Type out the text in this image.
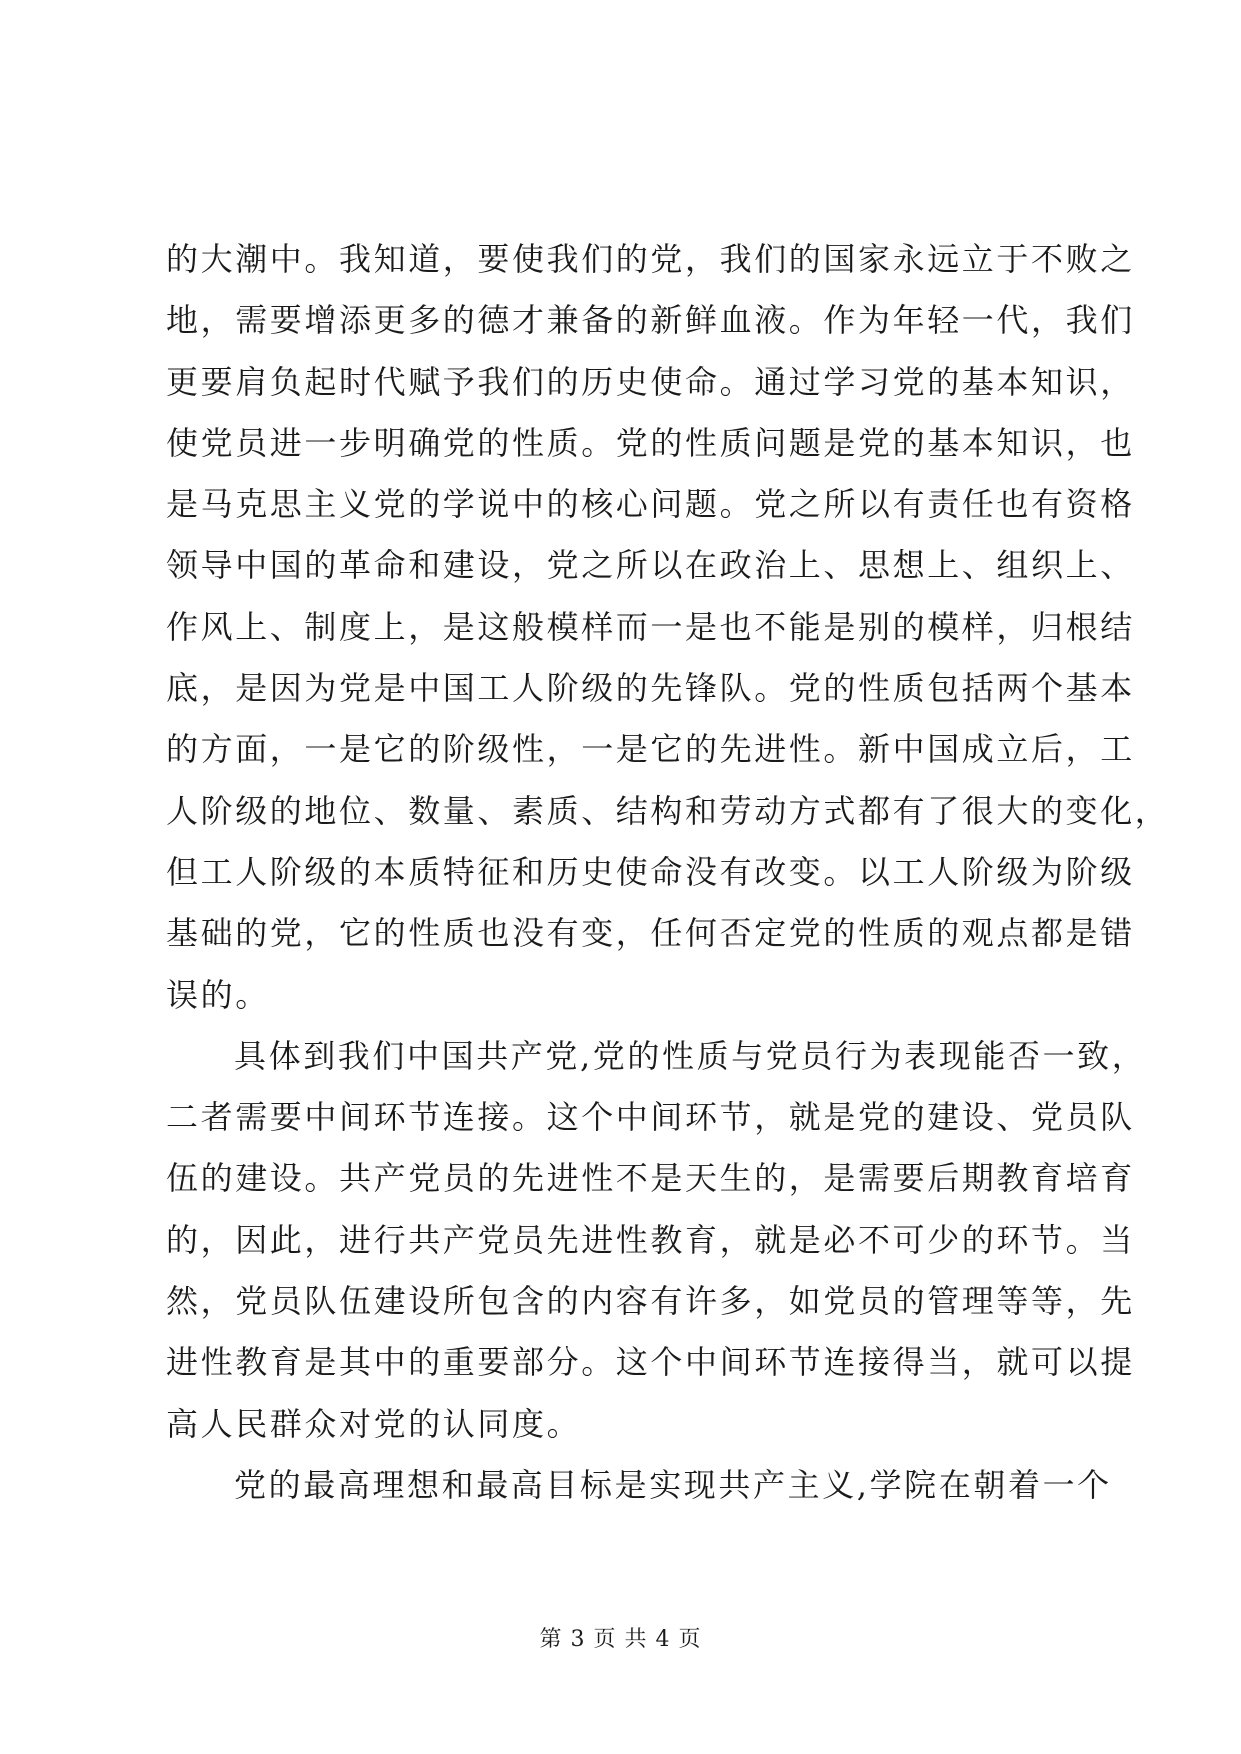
的大潮中。我知道，要使我们的党，我们的国家永远立于不败之
地，需要增添更多的德才兼备的新鲜血液。作为年轻一代，我们
更要肩负起时代赋予我们的历史使命。通过学习党的基本知识，
使党员进一步明确党的性质。党的性质问题是党的基本知识，也
是马克思主义党的学说中的核心问题。党之所以有责任也有资格
领导中国的革命和建设，党之所以在政治上、思想上、组织上、
作风上、制度上，是这般模样而一是也不能是别的模样，归根结
底，是因为党是中国工人阶级的先锋队。党的性质包括两个基本
的方面，一是它的阶级性，一是它的先进性。新中国成立后，工
人阶级的地位、数量、素质、结构和劳动方式都有了很大的变化，
但工人阶级的本质特征和历史使命没有改变。以工人阶级为阶级
基础的党，它的性质也没有变，任何否定党的性质的观点都是错
误的。
具体到我们中国共产党,党的性质与党员行为表现能否一致，
二者需要中间环节连接。这个中间环节，就是党的建设、党员队
伍的建设。共产党员的先进性不是天生的，是需要后期教育培育
的，因此，进行共产党员先进性教育，就是必不可少的环节。当
然，党员队伍建设所包含的内容有许多，如党员的管理等等，先
进性教育是其中的重要部分。这个中间环节连接得当，就可以提
高人民群众对党的认同度。
党的最高理想和最高目标是实现共产主义,学院在朝着一个
第 3 页 共 4 页
